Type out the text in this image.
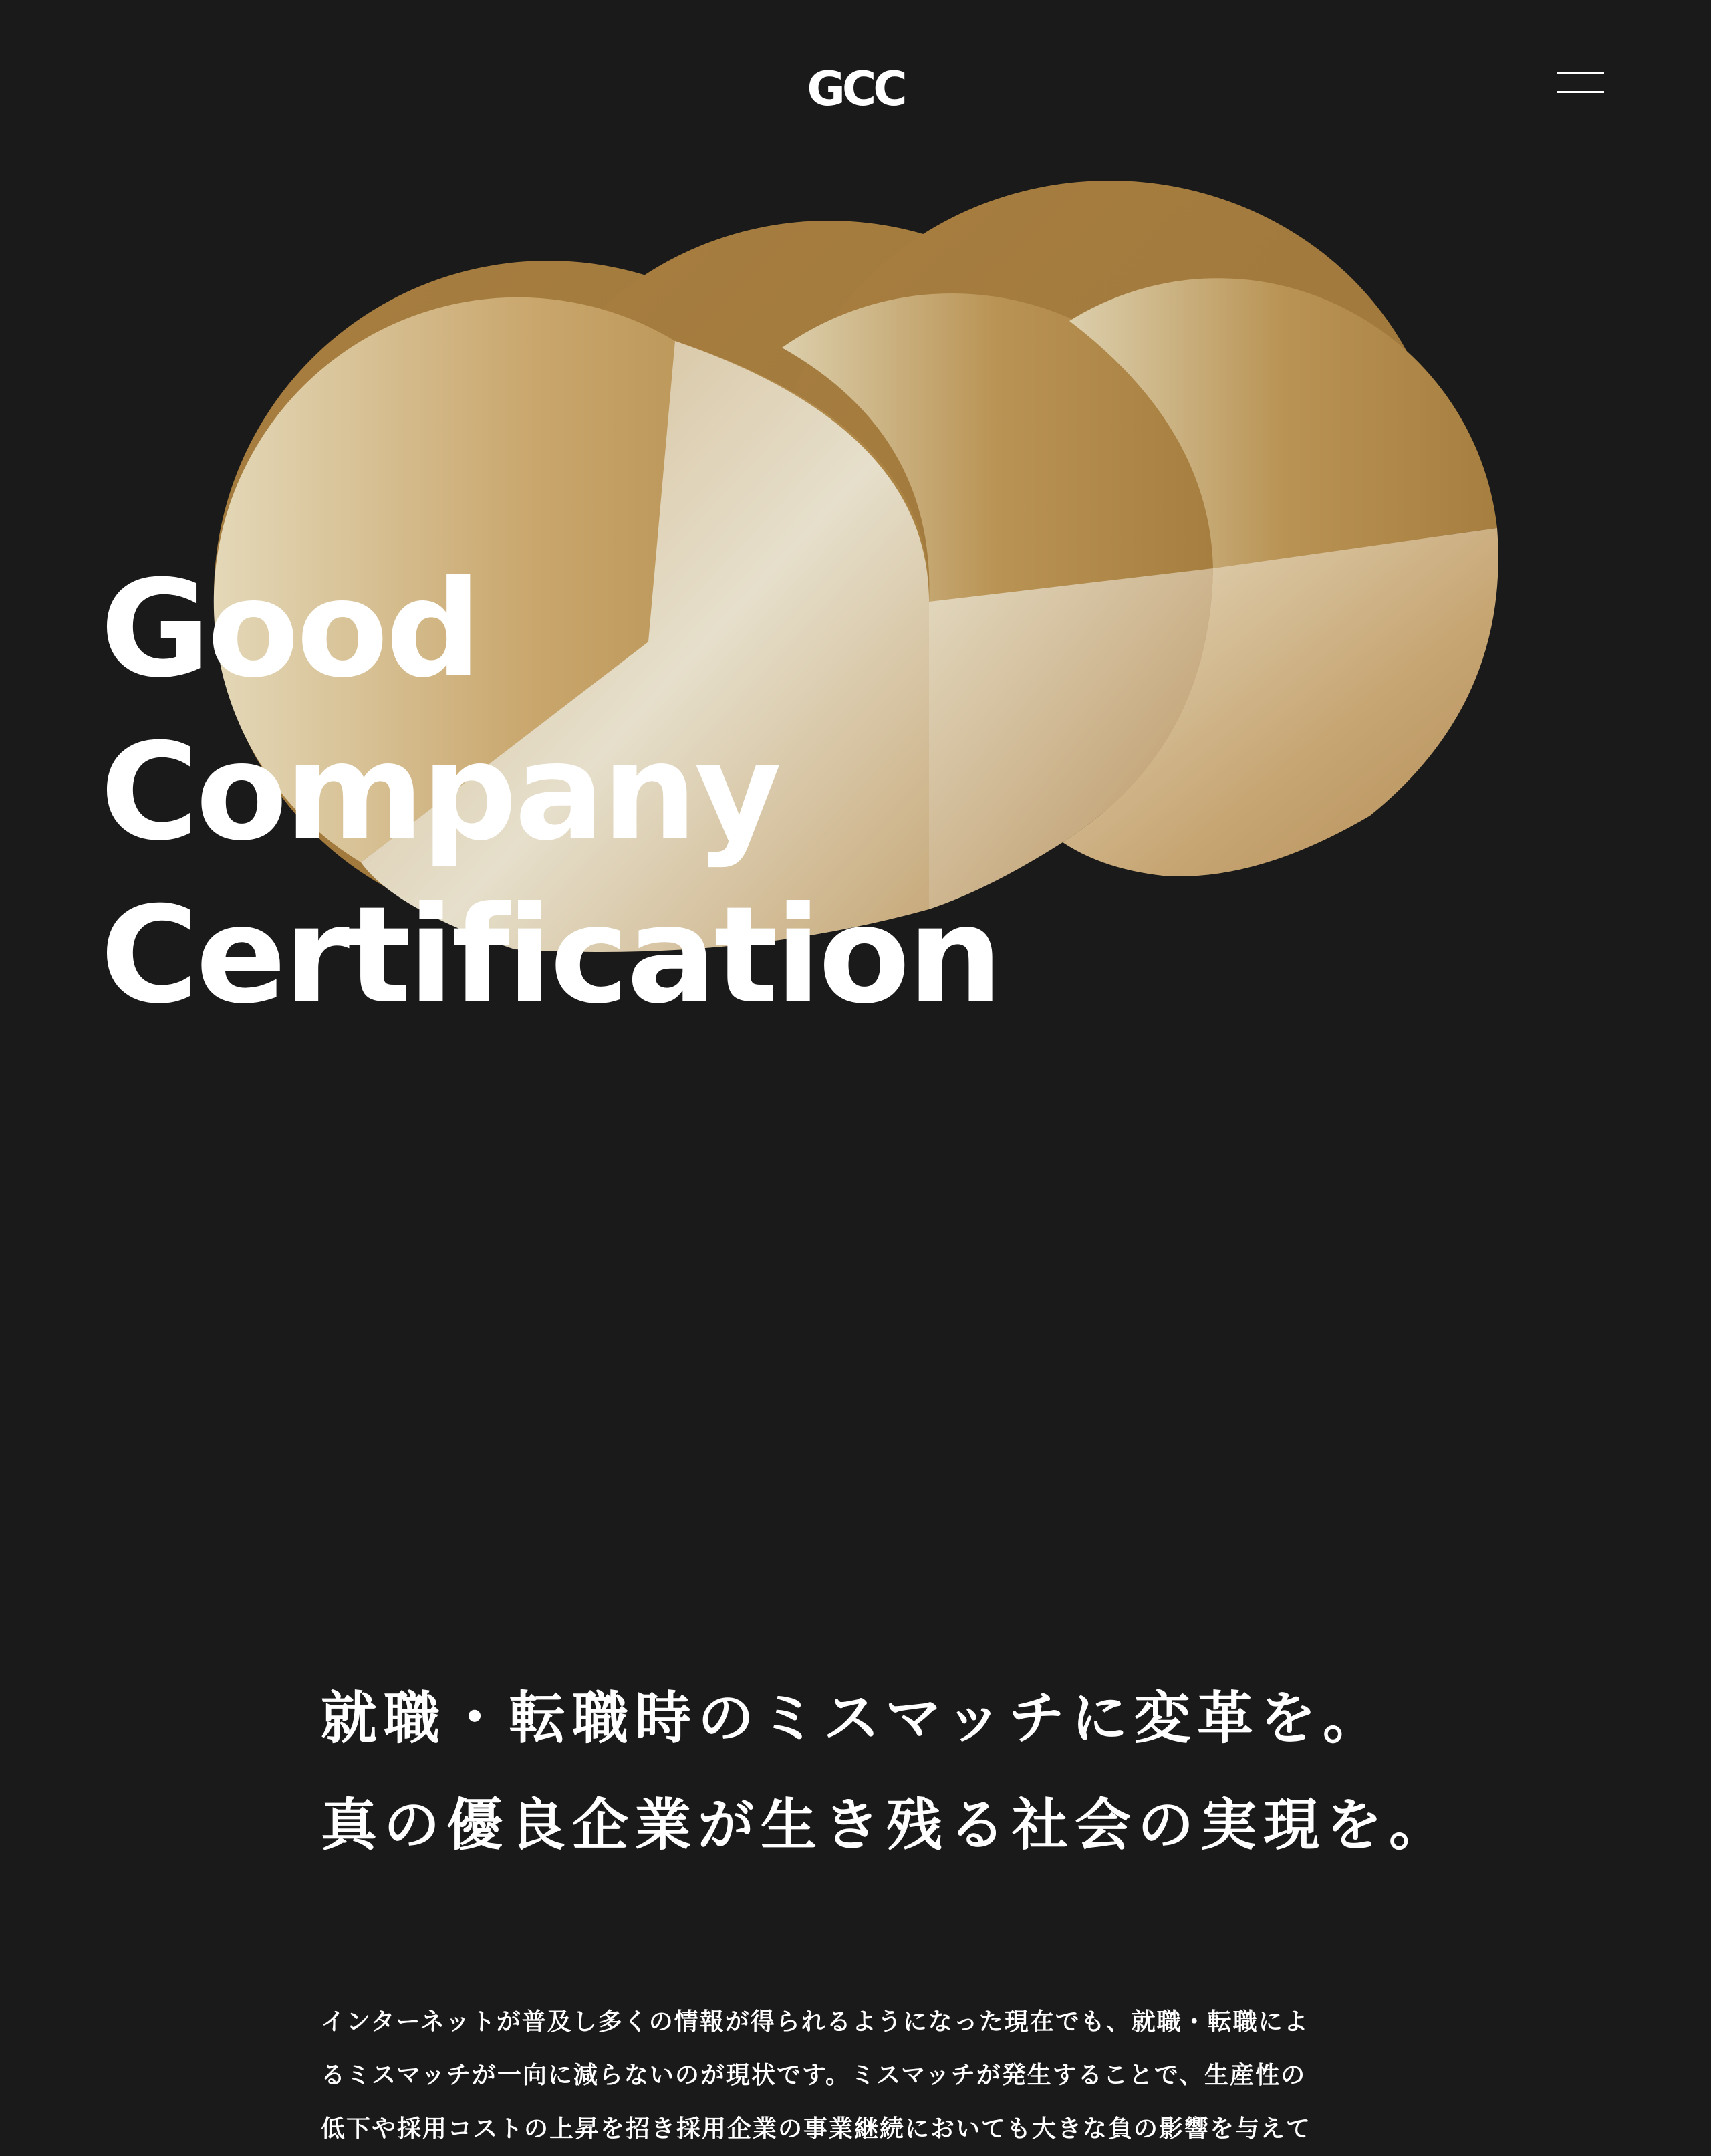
GCC
Good
Company
Certification
就職・転職時のミスマッチに変革を。
真の優良企業が生き残る社会の実現を。

インターネットが普及し多くの情報が得られるようになった現在でも、就職・転職によ
るミスマッチが一向に減らないのが現状です。ミスマッチが発生することで、生産性の
低下や採用コストの上昇を招き採用企業の事業継続においても大きな負の影響を与えて
